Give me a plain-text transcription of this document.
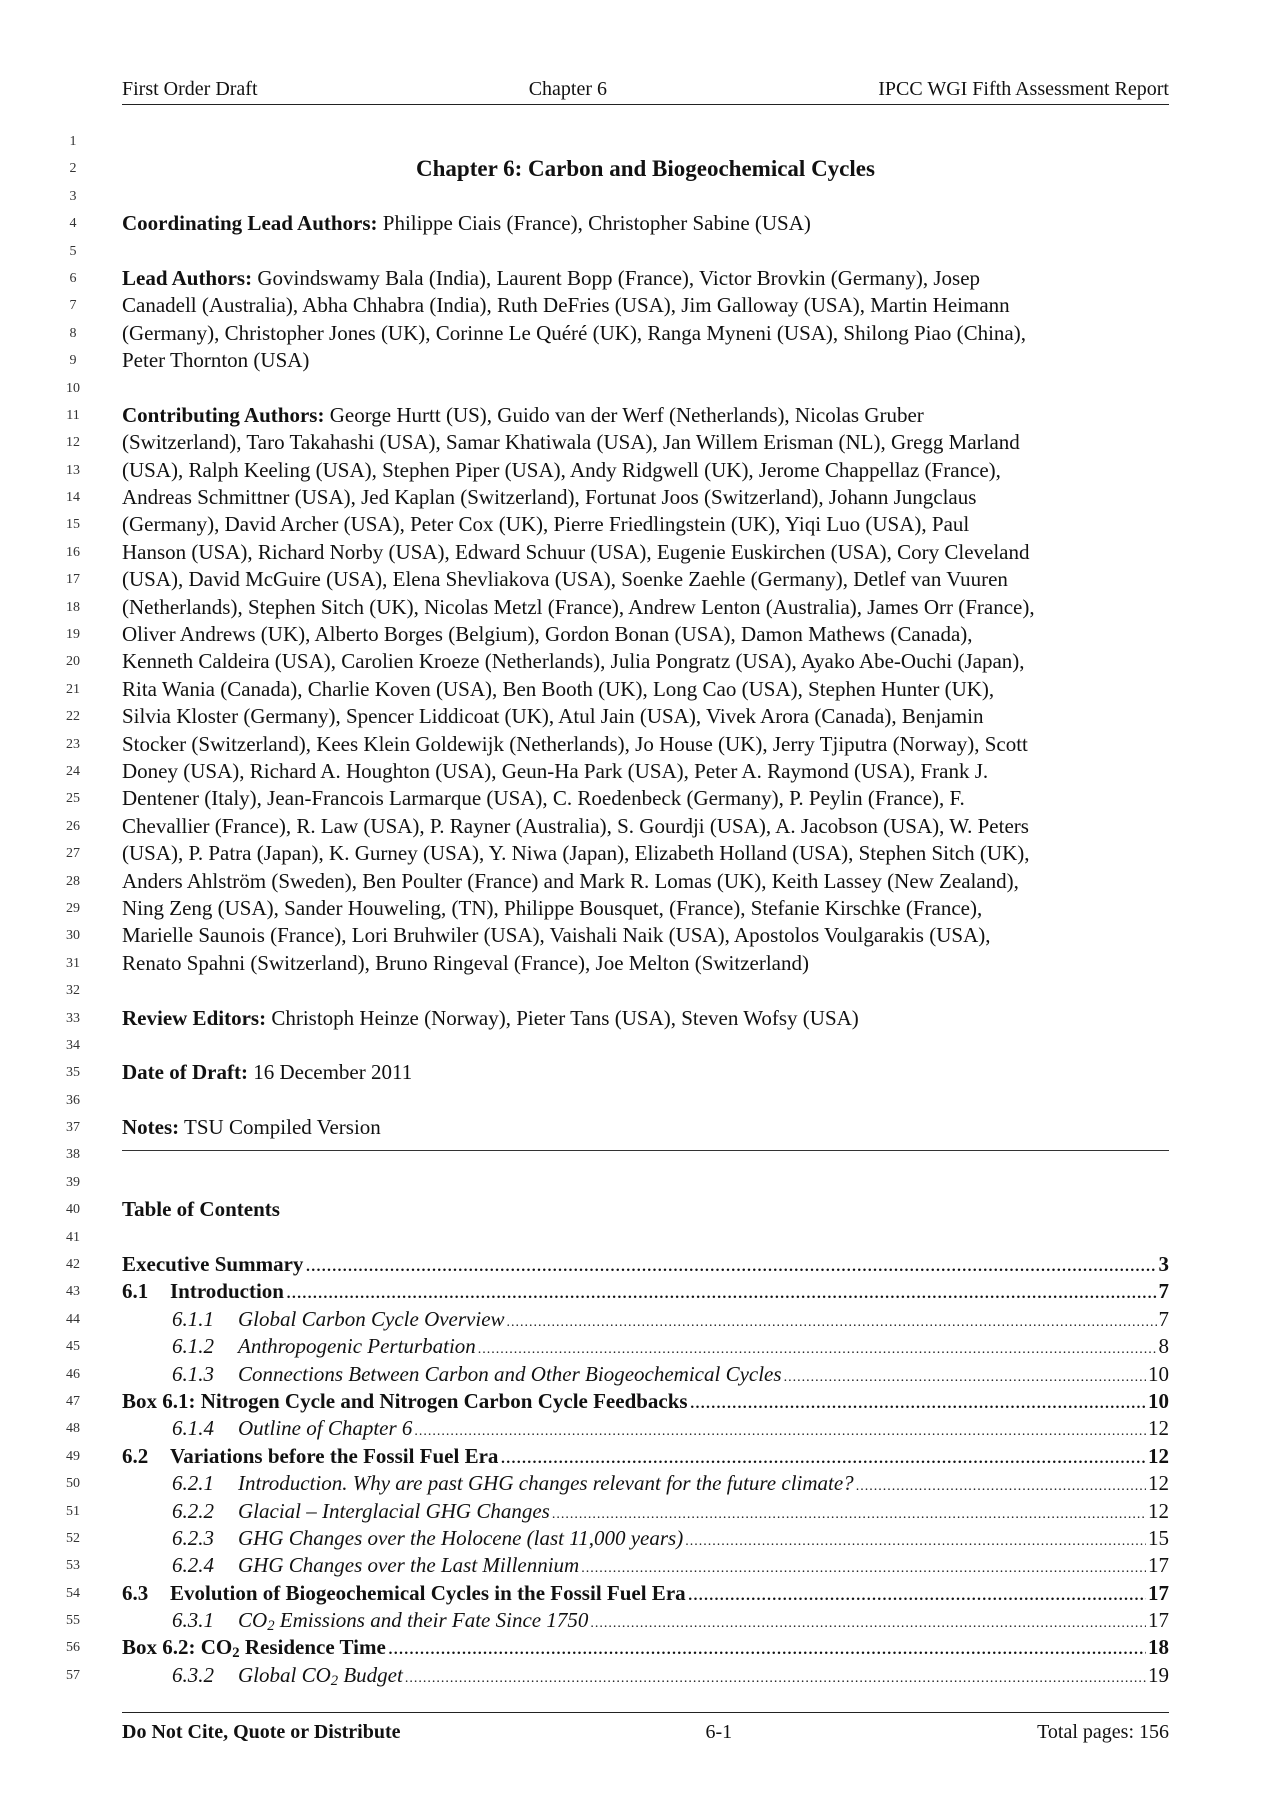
First Order Draft	Chapter 6	IPCC WGI Fifth Assessment Report
1
2	Chapter 6: Carbon and Biogeochemical Cycles
3
4	Coordinating Lead Authors: Philippe Ciais (France), Christopher Sabine (USA)
5
6	Lead Authors: Govindswamy Bala (India), Laurent Bopp (France), Victor Brovkin (Germany), Josep
7	Canadell (Australia), Abha Chhabra (India), Ruth DeFries (USA), Jim Galloway (USA), Martin Heimann
8	(Germany), Christopher Jones (UK), Corinne Le Quéré (UK), Ranga Myneni (USA), Shilong Piao (China),
9	Peter Thornton (USA)
10
11	Contributing Authors: George Hurtt (US), Guido van der Werf (Netherlands), Nicolas Gruber
12	(Switzerland), Taro Takahashi (USA), Samar Khatiwala (USA), Jan Willem Erisman (NL), Gregg Marland
13	(USA), Ralph Keeling (USA), Stephen Piper (USA), Andy Ridgwell (UK), Jerome Chappellaz (France),
14	Andreas Schmittner (USA), Jed Kaplan (Switzerland), Fortunat Joos (Switzerland), Johann Jungclaus
15	(Germany), David Archer (USA), Peter Cox (UK), Pierre Friedlingstein (UK), Yiqi Luo (USA), Paul
16	Hanson (USA), Richard Norby (USA), Edward Schuur (USA), Eugenie Euskirchen (USA), Cory Cleveland
17	(USA), David McGuire (USA), Elena Shevliakova (USA), Soenke Zaehle (Germany), Detlef van Vuuren
18	(Netherlands), Stephen Sitch (UK), Nicolas Metzl (France), Andrew Lenton (Australia), James Orr (France),
19	Oliver Andrews (UK), Alberto Borges (Belgium), Gordon Bonan (USA), Damon Mathews (Canada),
20	Kenneth Caldeira (USA), Carolien Kroeze (Netherlands), Julia Pongratz (USA), Ayako Abe-Ouchi (Japan),
21	Rita Wania (Canada), Charlie Koven (USA), Ben Booth (UK), Long Cao (USA), Stephen Hunter (UK),
22	Silvia Kloster (Germany), Spencer Liddicoat (UK), Atul Jain (USA), Vivek Arora (Canada), Benjamin
23	Stocker (Switzerland), Kees Klein Goldewijk (Netherlands), Jo House (UK), Jerry Tjiputra (Norway), Scott
24	Doney (USA), Richard A. Houghton (USA), Geun-Ha Park (USA), Peter A. Raymond (USA), Frank J.
25	Dentener (Italy), Jean-Francois Larmarque (USA), C. Roedenbeck (Germany), P. Peylin (France), F.
26	Chevallier (France), R. Law (USA), P. Rayner (Australia), S. Gourdji (USA), A. Jacobson (USA), W. Peters
27	(USA), P. Patra (Japan), K. Gurney (USA), Y. Niwa (Japan), Elizabeth Holland (USA), Stephen Sitch (UK),
28	Anders Ahlström (Sweden), Ben Poulter (France) and Mark R. Lomas (UK), Keith Lassey (New Zealand),
29	Ning Zeng (USA), Sander Houweling, (TN), Philippe Bousquet, (France), Stefanie Kirschke (France),
30	Marielle Saunois (France), Lori Bruhwiler (USA), Vaishali Naik (USA), Apostolos Voulgarakis (USA),
31	Renato Spahni (Switzerland), Bruno Ringeval (France), Joe Melton (Switzerland)
32
33	Review Editors: Christoph Heinze (Norway), Pieter Tans (USA), Steven Wofsy (USA)
34
35	Date of Draft: 16 December 2011
36
37	Notes: TSU Compiled Version
38
39
40	Table of Contents
41
42	Executive Summary .....	3
43	6.1	Introduction .....	7
44	6.1.1	Global Carbon Cycle Overview .....	7
45	6.1.2	Anthropogenic Perturbation .....	8
46	6.1.3	Connections Between Carbon and Other Biogeochemical Cycles .....	10
47	Box 6.1: Nitrogen Cycle and Nitrogen Carbon Cycle Feedbacks .....	10
48	6.1.4	Outline of Chapter 6 .....	12
49	6.2	Variations before the Fossil Fuel Era .....	12
50	6.2.1	Introduction. Why are past GHG changes relevant for the future climate? .....	12
51	6.2.2	Glacial – Interglacial GHG Changes .....	12
52	6.2.3	GHG Changes over the Holocene (last 11,000 years) .....	15
53	6.2.4	GHG Changes over the Last Millennium .....	17
54	6.3	Evolution of Biogeochemical Cycles in the Fossil Fuel Era .....	17
55	6.3.1	$CO_2$ Emissions and their Fate Since 1750 .....	17
56	Box 6.2: $CO_2$ Residence Time .....	18
57	6.3.2	Global $CO_2$ Budget .....	19
Do Not Cite, Quote or Distribute	6-1	Total pages: 156
